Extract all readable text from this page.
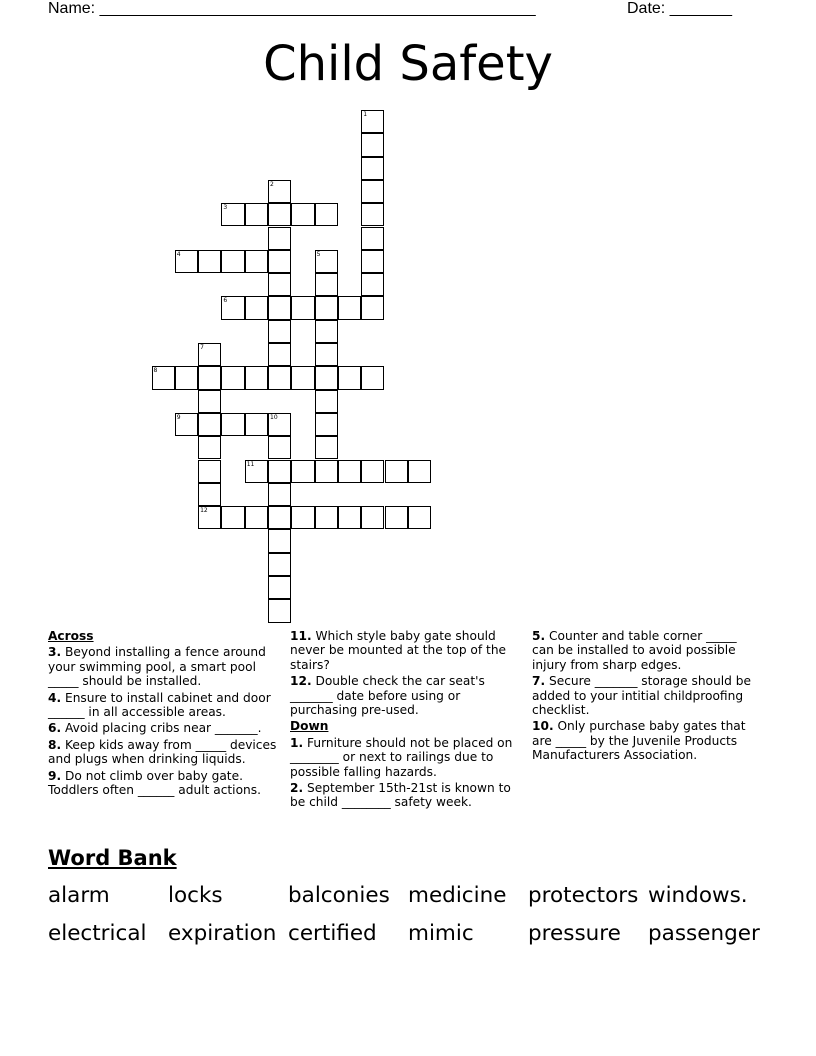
Name: _________________________________________________	Date: _______
Child Safety
1
2
3
4	5
6
7
12
8
9	10
11
Across
3. Beyond installing a fence around your swimming pool, a smart pool _____ should be installed.
4. Ensure to install cabinet and door ______ in all accessible areas.
6. Avoid placing cribs near _______.
8. Keep kids away from _____ devices and plugs when drinking liquids.
9. Do not climb over baby gate. Toddlers often ______ adult actions.
11. Which style baby gate should never be mounted at the top of the stairs?
12. Double check the car seat's _______ date before using or purchasing pre-used.
Down
1. Furniture should not be placed on ________ or next to railings due to possible falling hazards.
2. September 15th-21st is known to be child ________ safety week.
5. Counter and table corner _____ can be installed to avoid possible injury from sharp edges.
7. Secure _______ storage should be added to your intitial childproofing checklist.
10. Only purchase baby gates that are _____ by the Juvenile Products Manufacturers Association.
Word Bank
alarm	locks	balconies medicine protectors windows.
electrical expiration certified mimic	pressure passenger
